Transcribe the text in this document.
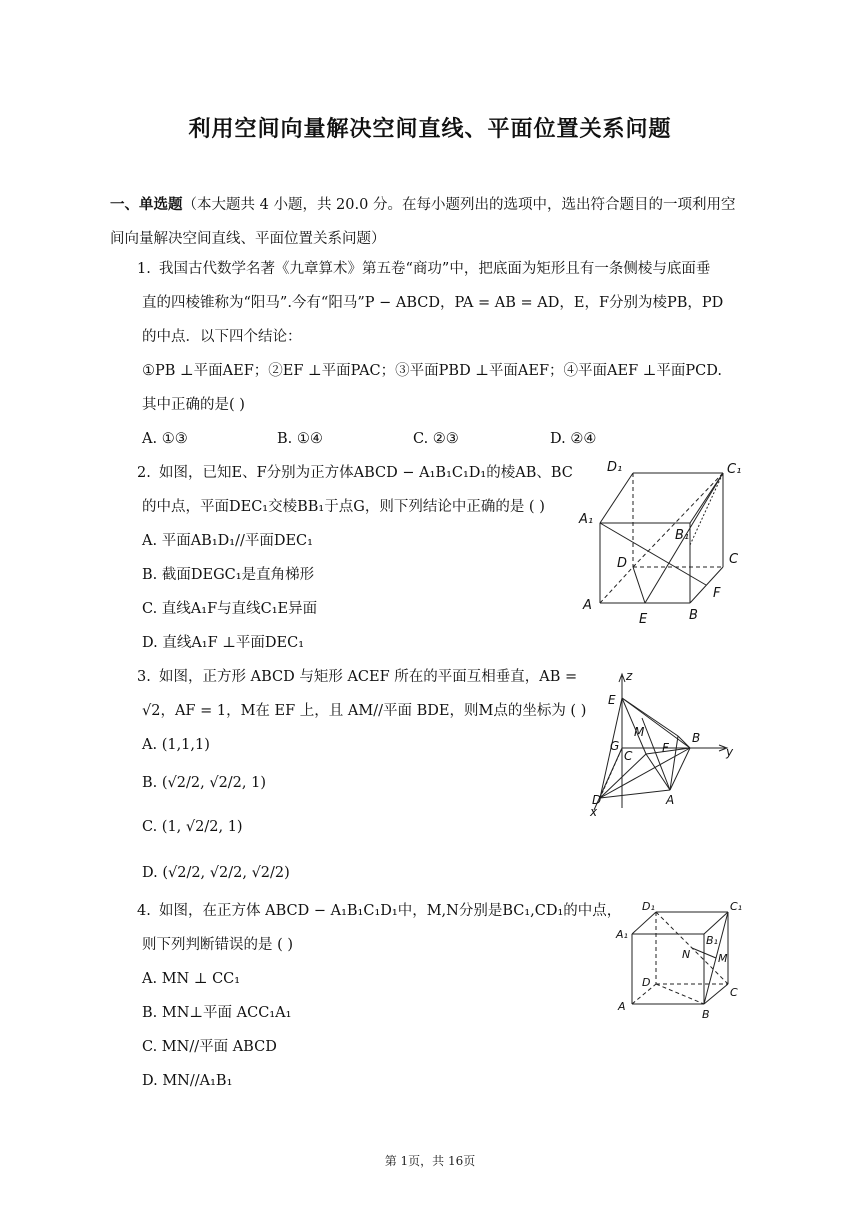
利用空间向量解决空间直线、平面位置关系问题
一、单选题（本大题共 4 小题，共 20.0 分。在每小题列出的选项中，选出符合题目的一项利用空
间向量解决空间直线、平面位置关系问题）
1. 我国古代数学名著《九章算术》第五卷“商功”中，把底面为矩形且有一条侧棱与底面垂
直的四棱锥称为“阳马”.今有“阳马”P − ABCD，PA = AB = AD，E，F分别为棱PB，PD
的中点．以下四个结论：
①PB ⊥平面AEF；②EF ⊥平面PAC；③平面PBD ⊥平面AEF；④平面AEF ⊥平面PCD.
其中正确的是( )
A. ①③	B. ①④	C. ②③	D. ②④
2. 如图，已知E、F分别为正方体ABCD − A₁B₁C₁D₁的棱AB、BC
的中点，平面DEC₁交棱BB₁于点G，则下列结论中正确的是 ( )
A. 平面AB₁D₁//平面DEC₁
B. 截面DEGC₁是直角梯形
C. 直线A₁F与直线C₁E异面
D. 直线A₁F ⊥平面DEC₁
D₁	C₁
A₁
B₁
D	C
A
E	B
F
3. 如图，正方形 ABCD 与矩形 ACEF 所在的平面互相垂直，AB =
√2，AF = 1，M在 EF 上，且 AM//平面 BDE，则M点的坐标为 ( )
A. (1,1,1)
B. (√2/2, √2/2, 1)
C. (1, √2/2, 1)
D. (√2/2, √2/2, √2/2)
z
E
M
F
B
y
G
C
D	A
x
4. 如图，在正方体 ABCD − A₁B₁C₁D₁中，M,N分别是BC₁,CD₁的中点，
则下列判断错误的是 ( )
A. MN ⊥ CC₁
B. MN⊥平面 ACC₁A₁
C. MN//平面 ABCD
D. MN//A₁B₁
D₁	C₁
A₁	B₁
N	M
D
C
A
B
第 1页，共 16页
